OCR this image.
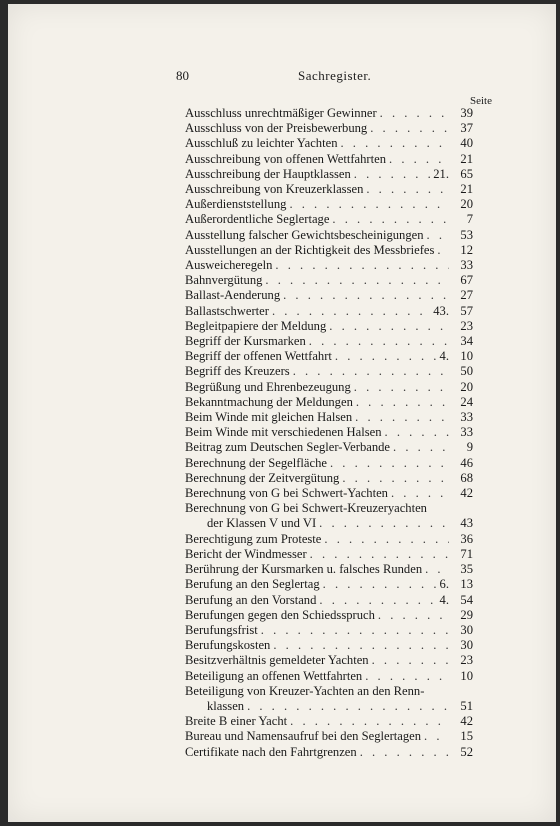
80	Sachregister.
Seite
Ausschluss unrechtmäßiger Gewinner . . .	39
Ausschluss von der Preisbewerbung . . .	37
Ausschluß zu leichter Yachten . . .	40
Ausschreibung von offenen Wettfahrten . . .	21
Ausschreibung der Hauptklassen . . .	21. 65
Ausschreibung von Kreuzerklassen . . .	21
Außerdienststellung . . .	20
Außerordentliche Seglertage . . .	7
Ausstellung falscher Gewichtsbescheinigungen . . .	53
Ausstellungen an der Richtigkeit des Messbriefes . . .	12
Ausweicheregeln . . .	33
Bahnvergütung . . .	67
Ballast-Aenderung . . .	27
Ballastschwerter . . .	43. 57
Begleitpapiere der Meldung . . .	23
Begriff der Kursmarken . . .	34
Begriff der offenen Wettfahrt . . .	4. 10
Begriff des Kreuzers . . .	50
Begrüßung und Ehrenbezeugung . . .	20
Bekanntmachung der Meldungen . . .	24
Beim Winde mit gleichen Halsen . . .	33
Beim Winde mit verschiedenen Halsen . . .	33
Beitrag zum Deutschen Segler-Verbande . . .	9
Berechnung der Segelfläche . . .	46
Berechnung der Zeitvergütung . . .	68
Berechnung von G bei Schwert-Yachten . . .	42
Berechnung von G bei Schwert-Kreuzeryachten
der Klassen V und VI . . .	43
Berechtigung zum Proteste . . .	36
Bericht der Windmesser . . .	71
Berührung der Kursmarken u. falsches Runden . . .	35
Berufung an den Seglertag . . .	6. 13
Berufung an den Vorstand . . .	4. 54
Berufungen gegen den Schiedsspruch . . .	29
Berufungsfrist . . .	30
Berufungskosten . . .	30
Besitzverhältnis gemeldeter Yachten . . .	23
Beteiligung an offenen Wettfahrten . . .	10
Beteiligung von Kreuzer-Yachten an den Renn-
klassen . . .	51
Breite B einer Yacht . . .	42
Bureau und Namensaufruf bei den Seglertagen . . .	15
Certifikate nach den Fahrtgrenzen . . .	52
